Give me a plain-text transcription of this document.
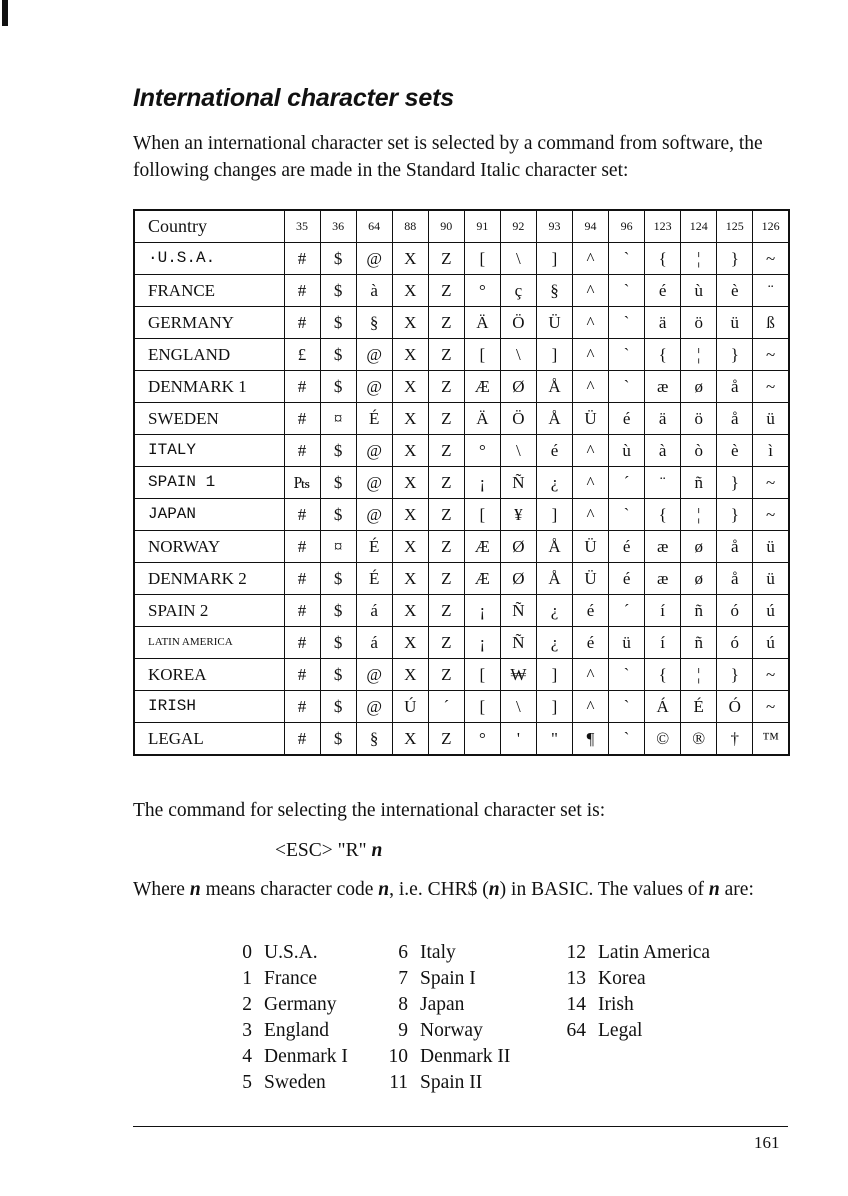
International character sets

When an international character set is selected by a command from software, the following changes are made in the Standard Italic character set:

Country	35	36	64	88	90	91	92	93	94	96	123	124	125	126
·U.S.A.	#	$	@	X	Z	[	\	]	^	`	{	¦	}	~
FRANCE	#	$	à	X	Z	°	ç	§	^	`	é	ù	è	¨
GERMANY	#	$	§	X	Z	Ä	Ö	Ü	^	`	ä	ö	ü	ß
ENGLAND	£	$	@	X	Z	[	\	]	^	`	{	¦	}	~
DENMARK 1	#	$	@	X	Z	Æ	Ø	Å	^	`	æ	ø	å	~
SWEDEN	#	¤	É	X	Z	Ä	Ö	Å	Ü	é	ä	ö	å	ü
ITALY	#	$	@	X	Z	°	\	é	^	ù	à	ò	è	ì
SPAIN 1	₧	$	@	X	Z	¡	Ñ	¿	^	´	¨	ñ	}	~
JAPAN	#	$	@	X	Z	[	¥	]	^	`	{	¦	}	~
NORWAY	#	¤	É	X	Z	Æ	Ø	Å	Ü	é	æ	ø	å	ü
DENMARK 2	#	$	É	X	Z	Æ	Ø	Å	Ü	é	æ	ø	å	ü
SPAIN 2	#	$	á	X	Z	¡	Ñ	¿	é	´	í	ñ	ó	ú
LATIN AMERICA	#	$	á	X	Z	¡	Ñ	¿	é	ü	í	ñ	ó	ú
KOREA	#	$	@	X	Z	[	₩	]	^	`	{	¦	}	~
IRISH	#	$	@	Ú	´	[	\	]	^	`	Á	É	Ó	~
LEGAL	#	$	§	X	Z	°	'	"	¶	`	©	®	†	™

The command for selecting the international character set is:

<ESC> "R" n

Where n means character code n, i.e. CHR$ (n) in BASIC. The values of n are:

0 U.S.A.
1 France
2 Germany
3 England
4 Denmark I
5 Sweden
6 Italy
7 Spain I
8 Japan
9 Norway
10 Denmark II
11 Spain II
12 Latin America
13 Korea
14 Irish
64 Legal

161
